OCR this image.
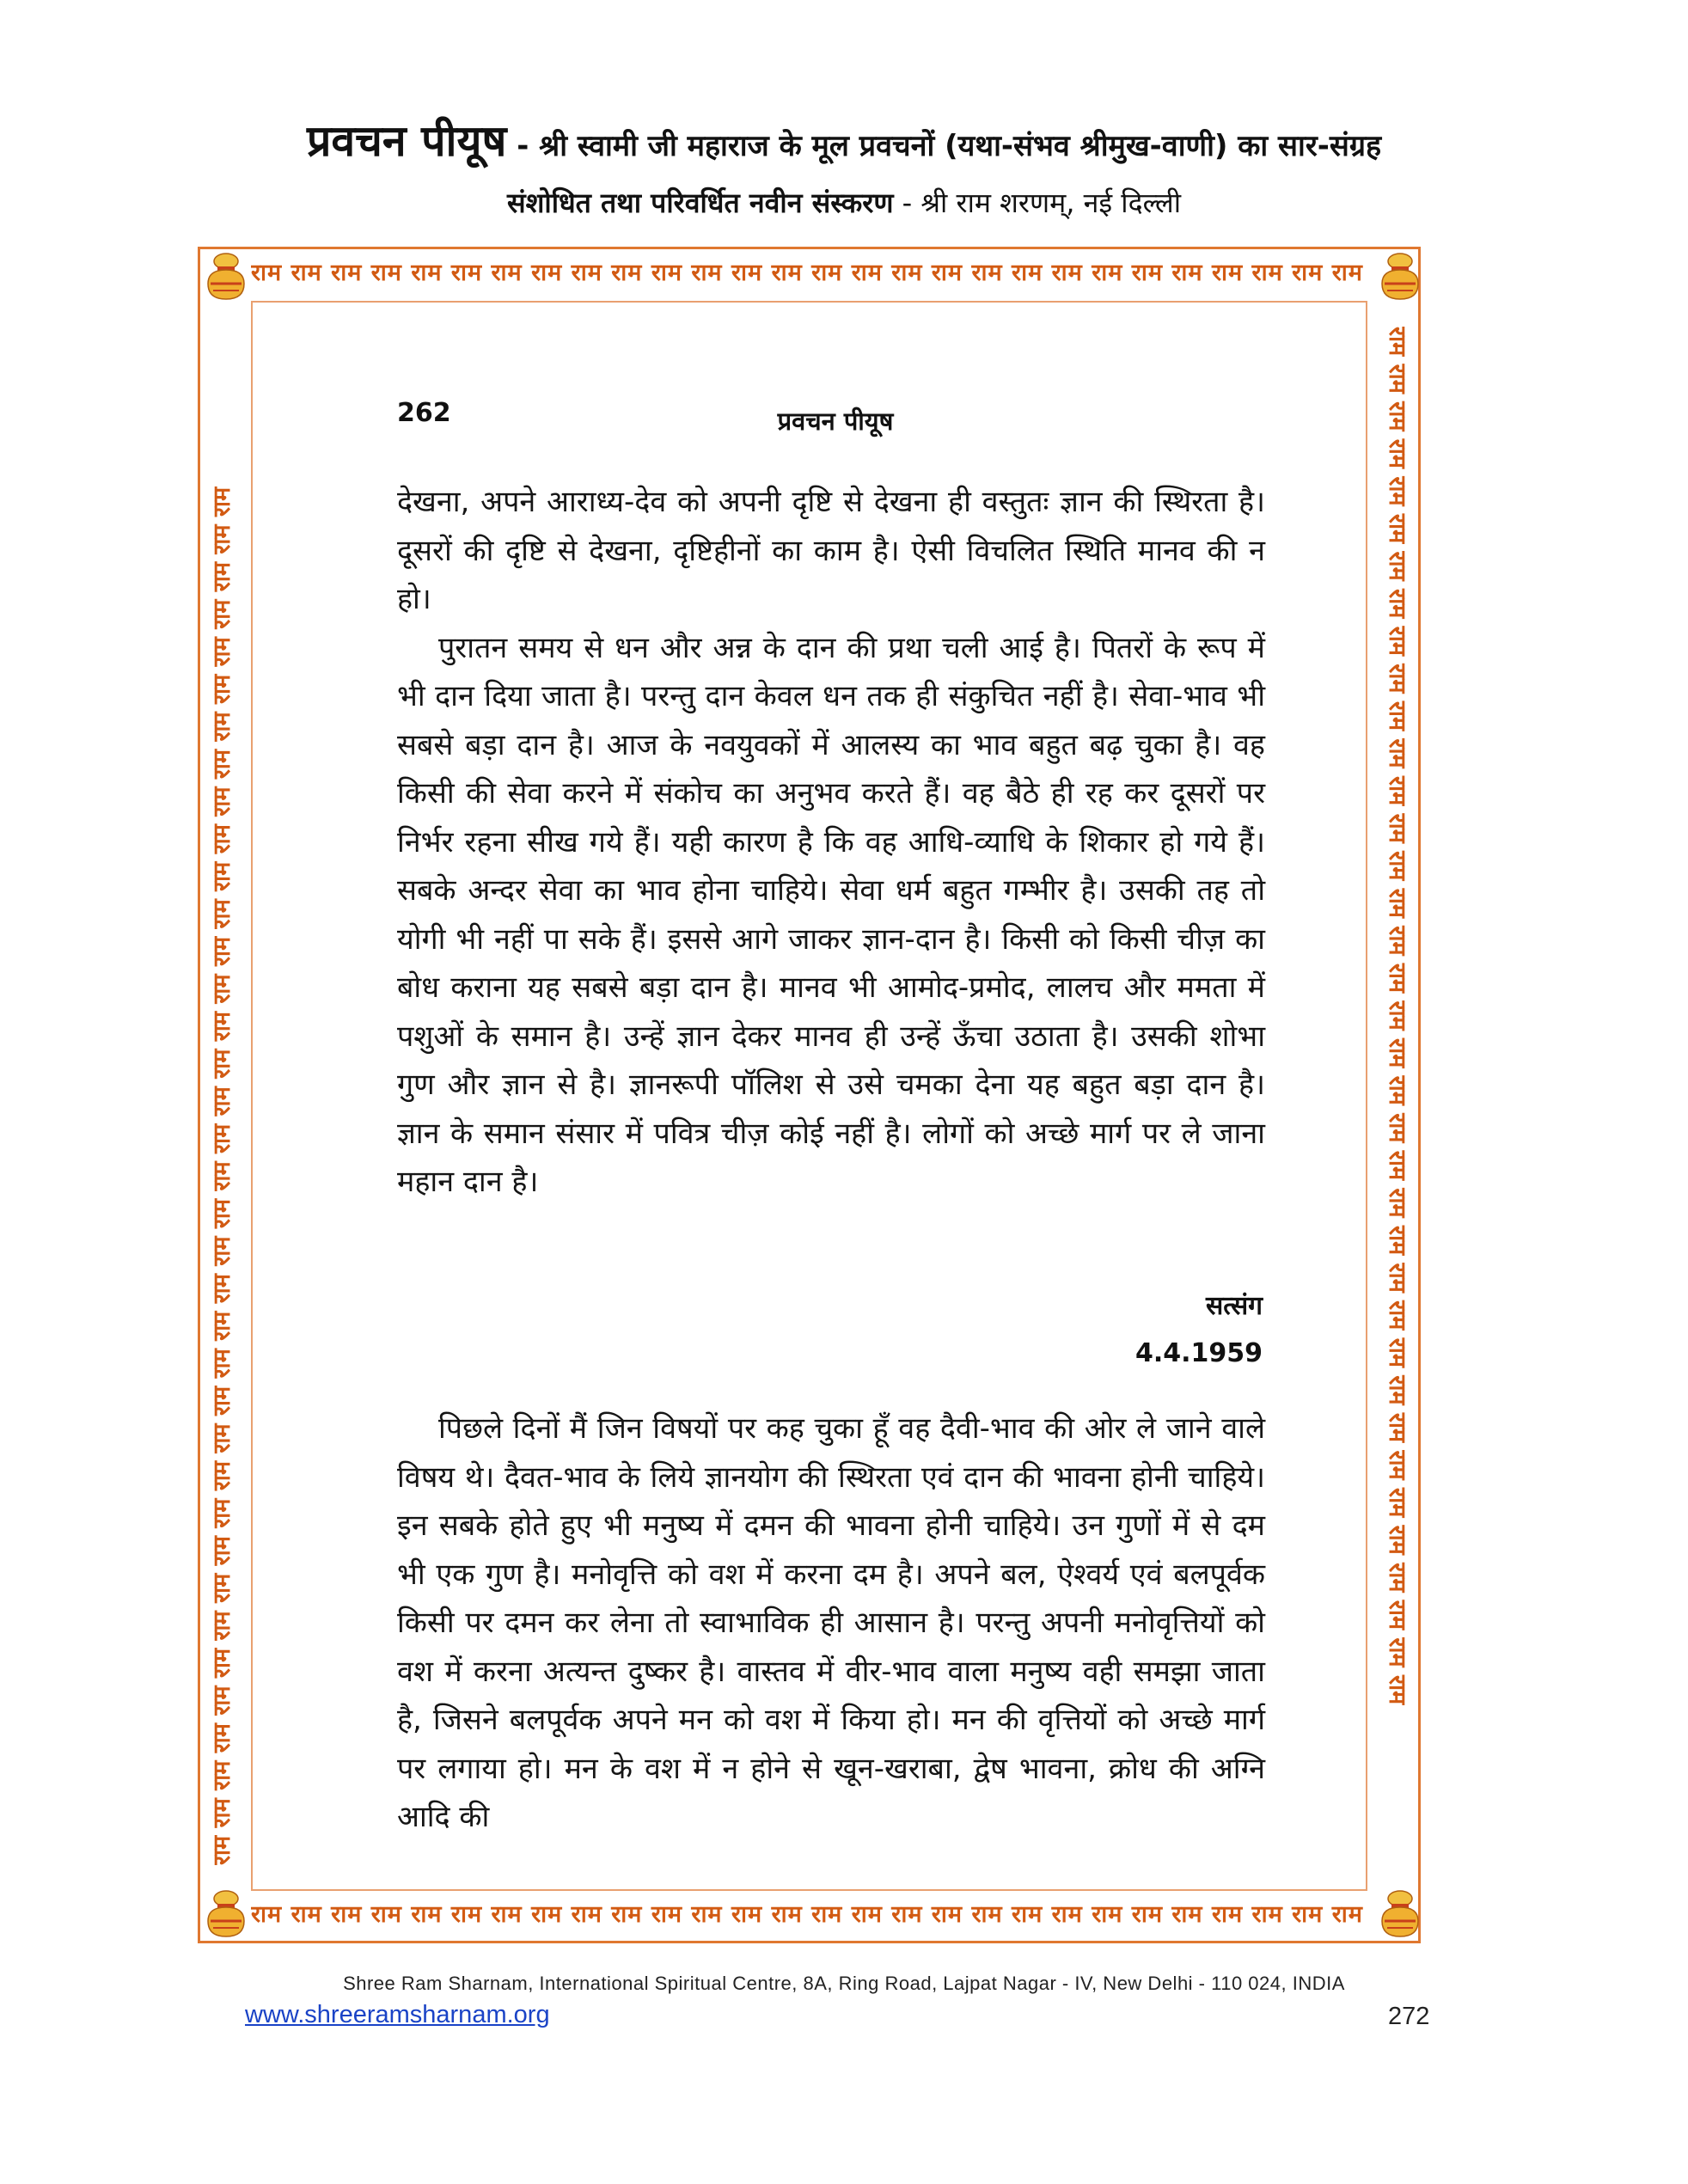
प्रवचन पीयूष - श्री स्वामी जी महाराज के मूल प्रवचनों (यथा-संभव श्रीमुख-वाणी) का सार-संग्रह
संशोधित तथा परिवर्धित नवीन संस्करण - श्री राम शरणम्, नई दिल्ली
राम राम राम राम राम राम राम राम राम राम राम राम राम राम राम राम राम राम राम राम राम राम राम राम राम राम राम राम
राम राम राम राम राम राम राम राम राम राम राम राम राम राम राम राम राम राम राम राम राम राम राम राम राम राम राम राम
राम राम राम राम राम राम राम राम राम राम राम राम राम राम राम राम राम राम राम राम राम राम राम राम राम राम राम राम राम राम राम राम राम राम राम राम राम	राम राम राम राम राम राम राम राम राम राम राम राम राम राम राम राम राम राम राम राम राम राम राम राम राम राम राम राम राम राम राम राम राम राम राम राम राम
262	प्रवचन पीयूष

देखना, अपने आराध्य-देव को अपनी दृष्टि से देखना ही वस्तुतः ज्ञान की स्थिरता है। दूसरों की दृष्टि से देखना, दृष्टिहीनों का काम है। ऐसी विचलित स्थिति मानव की न हो।

पुरातन समय से धन और अन्न के दान की प्रथा चली आई है। पितरों के रूप में भी दान दिया जाता है। परन्तु दान केवल धन तक ही संकुचित नहीं है। सेवा-भाव भी सबसे बड़ा दान है। आज के नवयुवकों में आलस्य का भाव बहुत बढ़ चुका है। वह किसी की सेवा करने में संकोच का अनुभव करते हैं। वह बैठे ही रह कर दूसरों पर निर्भर रहना सीख गये हैं। यही कारण है कि वह आधि-व्याधि के शिकार हो गये हैं। सबके अन्दर सेवा का भाव होना चाहिये। सेवा धर्म बहुत गम्भीर है। उसकी तह तो योगी भी नहीं पा सके हैं। इससे आगे जाकर ज्ञान-दान है। किसी को किसी चीज़ का बोध कराना यह सबसे बड़ा दान है। मानव भी आमोद-प्रमोद, लालच और ममता में पशुओं के समान है। उन्हें ज्ञान देकर मानव ही उन्हें ऊँचा उठाता है। उसकी शोभा गुण और ज्ञान से है। ज्ञानरूपी पॉलिश से उसे चमका देना यह बहुत बड़ा दान है। ज्ञान के समान संसार में पवित्र चीज़ कोई नहीं है। लोगों को अच्छे मार्ग पर ले जाना महान दान है।

सत्संग
4.4.1959

पिछले दिनों मैं जिन विषयों पर कह चुका हूँ वह दैवी-भाव की ओर ले जाने वाले विषय थे। दैवत-भाव के लिये ज्ञानयोग की स्थिरता एवं दान की भावना होनी चाहिये। इन सबके होते हुए भी मनुष्य में दमन की भावना होनी चाहिये। उन गुणों में से दम भी एक गुण है। मनोवृत्ति को वश में करना दम है। अपने बल, ऐश्वर्य एवं बलपूर्वक किसी पर दमन कर लेना तो स्वाभाविक ही आसान है। परन्तु अपनी मनोवृत्तियों को वश में करना अत्यन्त दुष्कर है। वास्तव में वीर-भाव वाला मनुष्य वही समझा जाता है, जिसने बलपूर्वक अपने मन को वश में किया हो। मन की वृत्तियों को अच्छे मार्ग पर लगाया हो। मन के वश में न होने से खून-खराबा, द्वेष भावना, क्रोध की अग्नि आदि की

Shree Ram Sharnam, International Spiritual Centre, 8A, Ring Road, Lajpat Nagar - IV, New Delhi - 110 024, INDIA
www.shreeramsharnam.org	272
